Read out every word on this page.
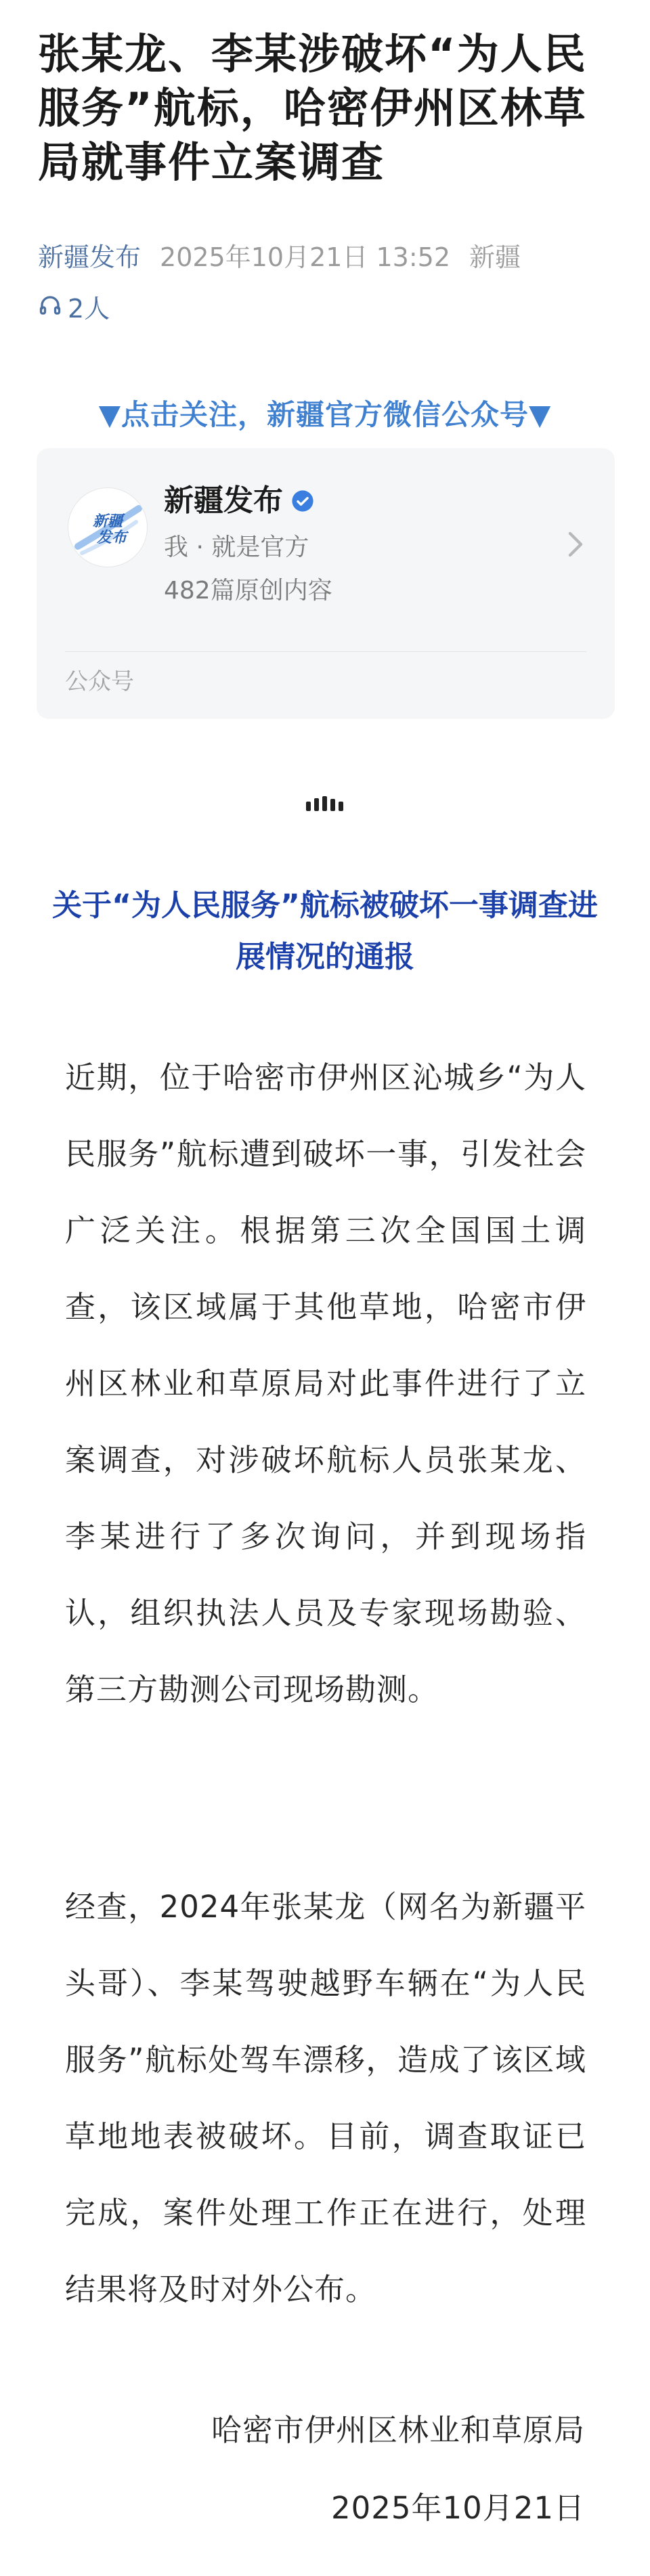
张某龙、李某涉破坏“为人民服务”航标，哈密伊州区林草局就事件立案调查
新疆发布 2025年10月21日 13:52 新疆
2人
▼点击关注，新疆官方微信公众号▼
新疆
发布
新疆发布
我 · 就是官方
482篇原创内容
公众号
关于“为人民服务”航标被破坏一事调查进展情况的通报

近期，位于哈密市伊州区沁城乡“为人民服务”航标遭到破坏一事，引发社会广泛关注。根据第三次全国国土调查，该区域属于其他草地，哈密市伊州区林业和草原局对此事件进行了立案调查，对涉破坏航标人员张某龙、李某进行了多次询问，并到现场指认，组织执法人员及专家现场勘验、第三方勘测公司现场勘测。

经查，2024年张某龙（网名为新疆平头哥）、李某驾驶越野车辆在“为人民服务”航标处驾车漂移，造成了该区域草地地表被破坏。目前，调查取证已完成，案件处理工作正在进行，处理结果将及时对外公布。

哈密市伊州区林业和草原局
2025年10月21日
